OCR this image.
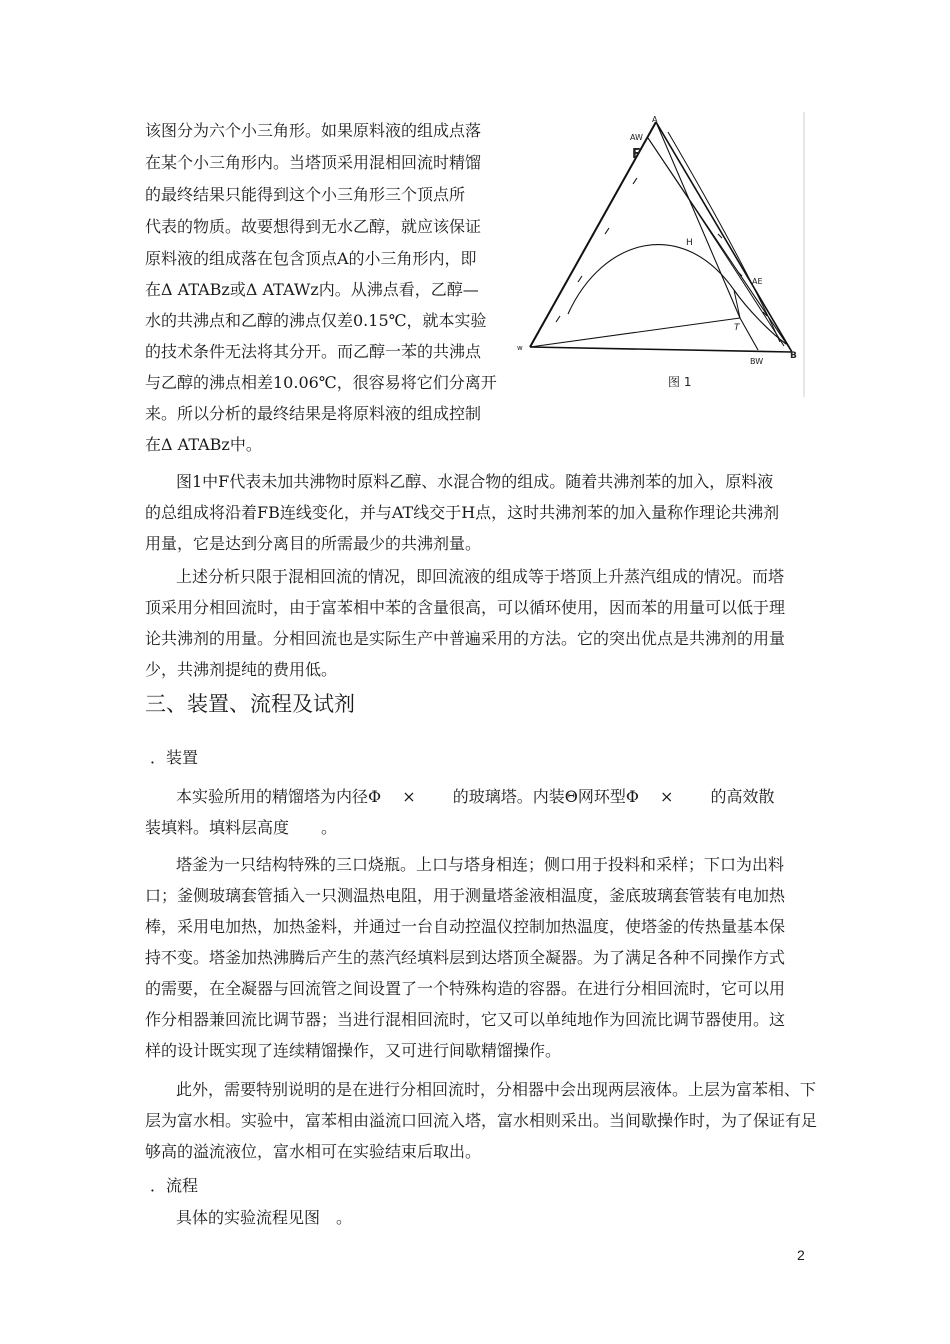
该图分为六个小三角形。如果原料液的组成点落
在某个小三角形内。当塔顶采用混相回流时精馏
的最终结果只能得到这个小三角形三个顶点所
代表的物质。故要想得到无水乙醇，就应该保证
原料液的组成落在包含顶点A的小三角形内，即
在Δ ATABz或Δ ATAWz内。从沸点看，乙醇—
水的共沸点和乙醇的沸点仅差0.15℃，就本实验
的技术条件无法将其分开。而乙醇一苯的共沸点
与乙醇的沸点相差10.06℃，很容易将它们分离开
来。所以分析的最终结果是将原料液的组成控制
在Δ ATABz中。
A
AW
F
H
AE
T
w
BW
B
图 1
图1中F代表未加共沸物时原料乙醇、水混合物的组成。随着共沸剂苯的加入，原料液
的总组成将沿着FB连线变化，并与AT线交于H点，这时共沸剂苯的加入量称作理论共沸剂
用量，它是达到分离目的所需最少的共沸剂量。
上述分析只限于混相回流的情况，即回流液的组成等于塔顶上升蒸汽组成的情况。而塔
顶采用分相回流时，由于富苯相中苯的含量很高，可以循环使用，因而苯的用量可以低于理
论共沸剂的用量。分相回流也是实际生产中普遍采用的方法。它的突出优点是共沸剂的用量
少，共沸剂提纯的费用低。
三、装置、流程及试剂
．装置
本实验所用的精馏塔为内径Φ　 ×　　 的玻璃塔。内装Θ网环型Φ　 ×　　 的高效散
装填料。填料层高度　　。
塔釜为一只结构特殊的三口烧瓶。上口与塔身相连；侧口用于投料和采样；下口为出料
口；釜侧玻璃套管插入一只测温热电阻，用于测量塔釜液相温度，釜底玻璃套管装有电加热
棒，采用电加热，加热釜料，并通过一台自动控温仪控制加热温度，使塔釜的传热量基本保
持不变。塔釜加热沸腾后产生的蒸汽经填料层到达塔顶全凝器。为了满足各种不同操作方式
的需要，在全凝器与回流管之间设置了一个特殊构造的容器。在进行分相回流时，它可以用
作分相器兼回流比调节器；当进行混相回流时，它又可以单纯地作为回流比调节器使用。这
样的设计既实现了连续精馏操作，又可进行间歇精馏操作。
此外，需要特别说明的是在进行分相回流时，分相器中会出现两层液体。上层为富苯相、下
层为富水相。实验中，富苯相由溢流口回流入塔，富水相则采出。当间歇操作时，为了保证有足
够高的溢流液位，富水相可在实验结束后取出。
．流程
具体的实验流程见图　。
2
